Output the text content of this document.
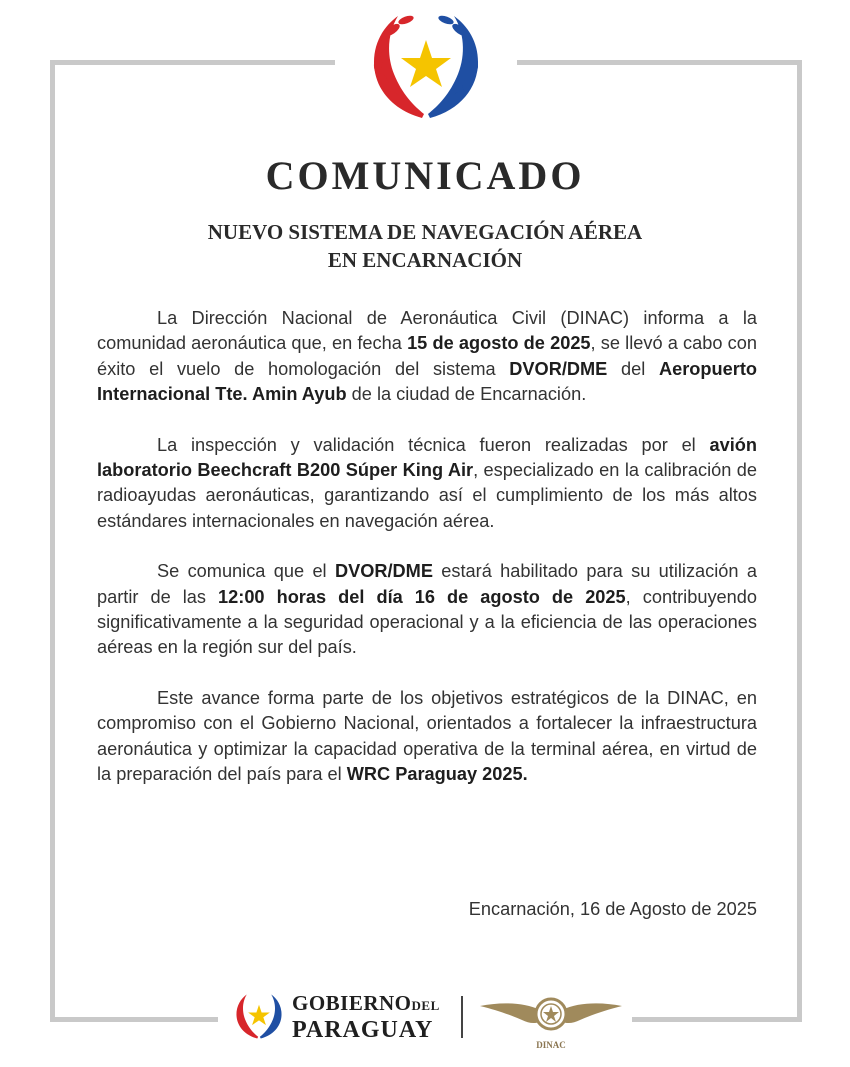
COMUNICADO
NUEVO SISTEMA DE NAVEGACIÓN AÉREA
EN ENCARNACIÓN

La Dirección Nacional de Aeronáutica Civil (DINAC) informa a la comunidad aeronáutica que, en fecha 15 de agosto de 2025, se llevó a cabo con éxito el vuelo de homologación del sistema DVOR/DME del Aeropuerto Internacional Tte. Amin Ayub de la ciudad de Encarnación.

La inspección y validación técnica fueron realizadas por el avión laboratorio Beechcraft B200 Súper King Air, especializado en la calibración de radioayudas aeronáuticas, garantizando así el cumplimiento de los más altos estándares internacionales en navegación aérea.

Se comunica que el DVOR/DME estará habilitado para su utilización a partir de las 12:00 horas del día 16 de agosto de 2025, contribuyendo significativamente a la seguridad operacional y a la eficiencia de las operaciones aéreas en la región sur del país.

Este avance forma parte de los objetivos estratégicos de la DINAC, en compromiso con el Gobierno Nacional, orientados a fortalecer la infraestructura aeronáutica y optimizar la capacidad operativa de la terminal aérea, en virtud de la preparación del país para el WRC Paraguay 2025.

Encarnación, 16 de Agosto de 2025
GOBIERNODEL
PARAGUAY
DINAC
